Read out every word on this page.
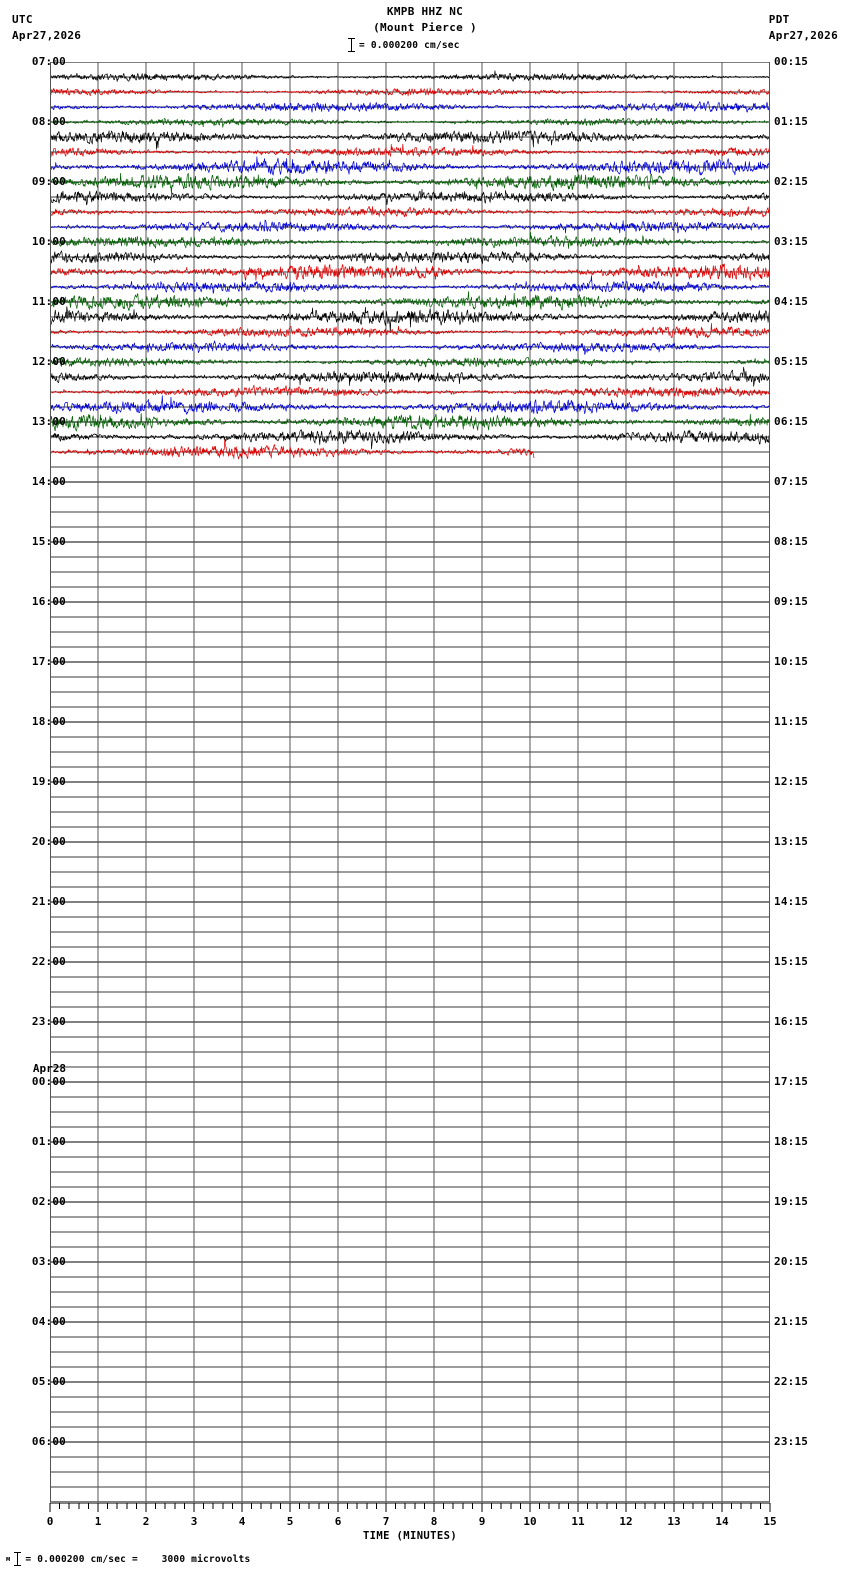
UTC
Apr27,2026
PDT
Apr27,2026
KMPB HHZ NC
(Mount Pierce )
= 0.000200 cm/sec
07:00	00:15
08:00	01:15
09:00	02:15
10:00	03:15
11:00	04:15
12:00	05:15
13:00	06:15
14:00	07:15
15:00	08:15
16:00	09:15
17:00	10:15
18:00	11:15
19:00	12:15
20:00	13:15
21:00	14:15
22:00	15:15
23:00	16:15
00:00	17:15
01:00	18:15
02:00	19:15
03:00	20:15
04:00	21:15
05:00	22:15
06:00	23:15
Apr28
0	1	2	3	4	5	6	7	8	9	10	11	12	13	14	15
TIME (MINUTES)
м = 0.000200 cm/sec =    3000 microvolts
